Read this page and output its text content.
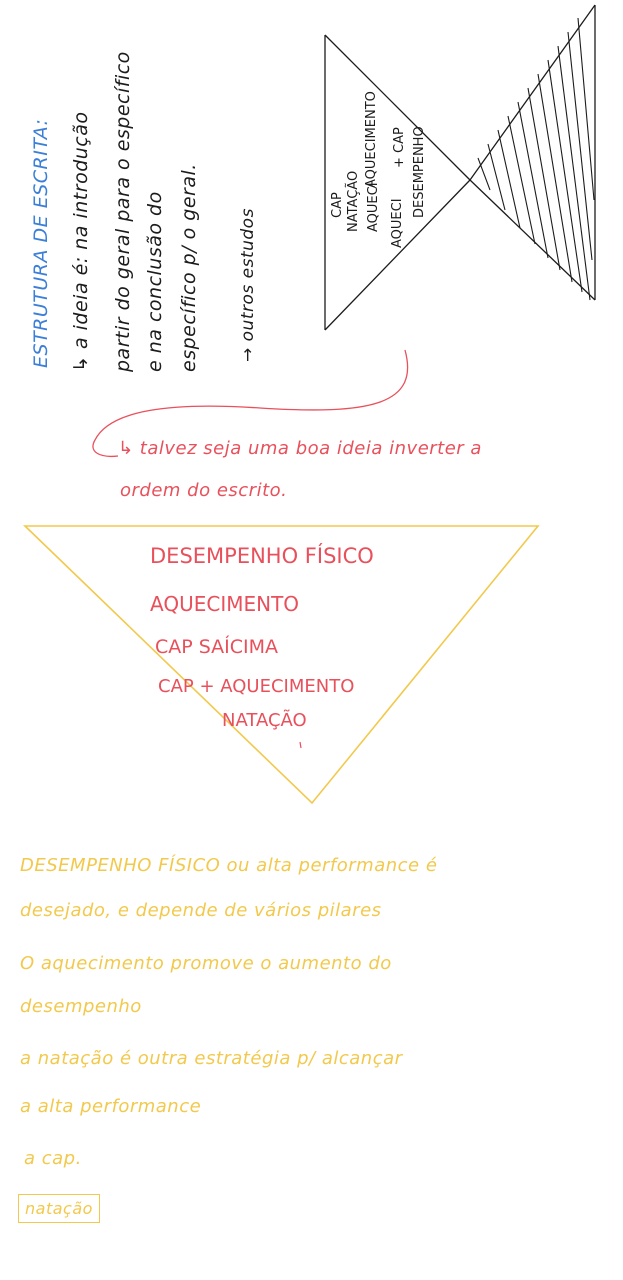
ESTRUTURA DE ESCRITA: ↳ a ideia é: na introdução partir do geral para o específico e na conclusão do específico p/ o geral. → outros estudos
CAP NATAÇÃO AQUECI AQUECI
AQUECIMENTO + CAP DESEMPENHO
↳ talvez seja uma boa ideia inverter a
ordem do escrito.
DESEMPENHO FÍSICO
AQUECIMENTO
CAP SAÍCIMA
CAP + AQUECIMENTO
NATAÇÃO
DESEMPENHO FÍSICO ou alta performance é
desejado, e depende de vários pilares
O aquecimento promove o aumento do
desempenho
a natação é outra estratégia p/ alcançar
a alta performance
a cap.
natação
